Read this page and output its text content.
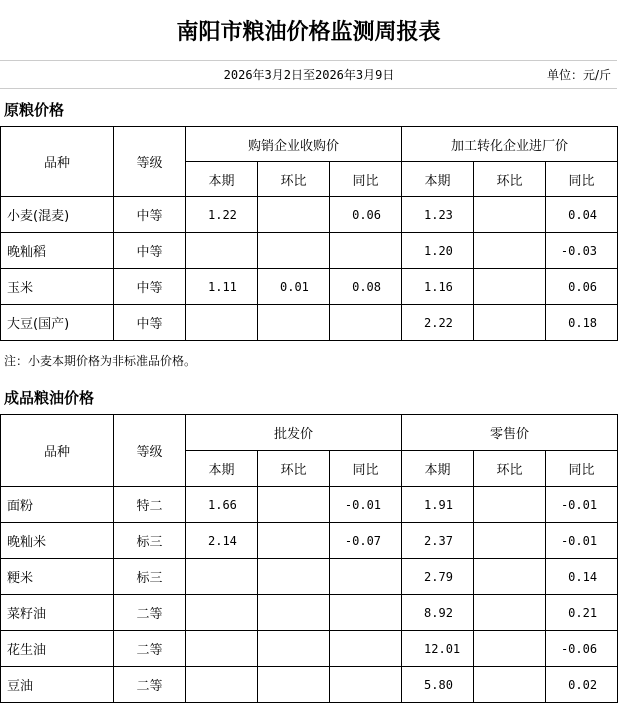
南阳市粮油价格监测周报表
2026年3月2日至2026年3月9日	单位：元/斤
原粮价格
品种	等级	购销企业收购价			加工转化企业进厂价		
		本期	环比	同比	本期	环比	同比
小麦(混麦)	中等	1.22		0.06	1.23		0.04
晚籼稻	中等				1.20		-0.03
玉米	中等	1.11	0.01	0.08	1.16		0.06
大豆(国产)	中等				2.22		0.18
注：小麦本期价格为非标准品价格。
成品粮油价格
品种	等级	批发价			零售价		
		本期	环比	同比	本期	环比	同比
面粉	特二	1.66		-0.01	1.91		-0.01
晚籼米	标三	2.14		-0.07	2.37		-0.01
粳米	标三				2.79		0.14
菜籽油	二等				8.92		0.21
花生油	二等				12.01		-0.06
豆油	二等				5.80		0.02
